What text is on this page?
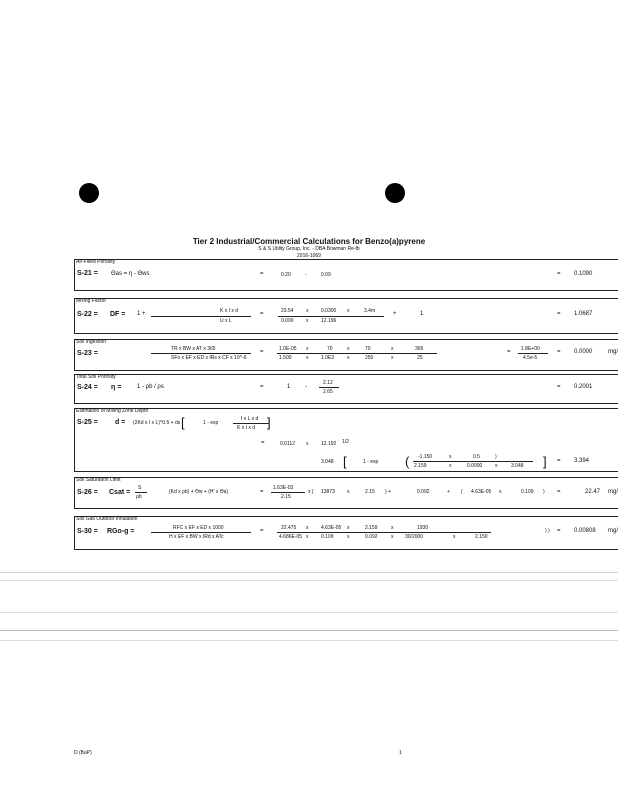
Tier 2 Industrial/Commercial Calculations for Benzo(a)pyrene
S & S Utility Group, Inc. - DBA Bowman Re-fb
2016-1069
Air-Filled Porosity
S-21 = Θas = η - Θws	=	0.20	-	0.09	= 0.1090
Mixing Factor
S-22 = DF = 1 +	K x I x d
U x L
=	23.54 x	0.0300 x	3.4m
0.000 x	12.196
+	1	= 1.0687
Soil Ingestion
S-23 =
TR x BW x AT x 365
SFo x EF x ED x IRs x CF x 10^-6
=	1.0E-05 x	70	x	70	x	365
1.500	x	1.0E3	x	250	x	25
= 1.8E+00
4.5e-5
= 0.0000	mg/
Total Soil Porosity
S-24 = η =	1 - ρb / ρs	=	1 -
2.12
2.65
= 0.2001
Estimation of Mixing Zone Depth
S-25 = d = (2Kd x I x L)^0.5 + ds [	1 - exp
I x L x d
K x I x d ]
=	0.0112 x	12.192 1/2
3.048 [	1 - exp ( -1.150	x	0.5	)
2.159	x	0.0000	x	3.048 ] = 3.394
Soil Saturation Limit
S-26 = Csat =
S
ρb
(Kd x ρb) + Θw + (H' x Θa)	=
1.63E-03
2.15
x ( 13873 x	2.15 ) +	0.092	+ ( 4.63E-05 x	0.109 ) =	22.47 mg/
Soil Gas Outdoor Inhalation
S-30 = RGo-g =	RFC x EF x ED x 1000
H x EF x BW x IRd x ATc
=	22.475 x	4.63E-05 x	2.159	x	1930
4.686E-05 x	0.109	x	0.092	x 30/2000	x	2.150
) ) = 0.00808 mg/
D (BaP)	1
